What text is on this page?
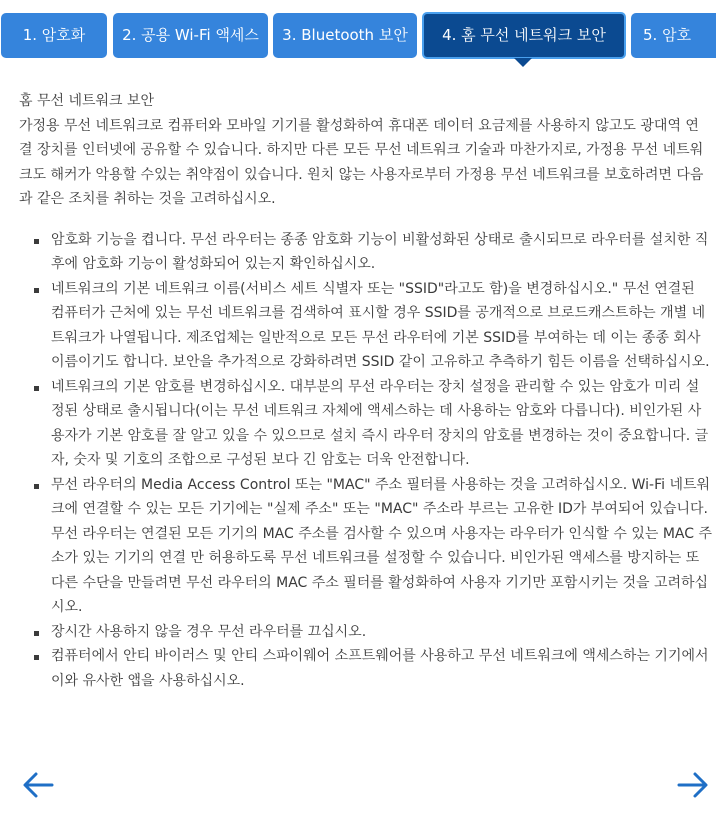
1. 암호화	2. 공용 Wi-Fi 액세스	4. 홈 무선 네트워크 보안
3. Bluetooth 보안	5. 암호

홈 무선 네트워크 보안

가정용 무선 네트워크로 컴퓨터와 모바일 기기를 활성화하여 휴대폰 데이터 요금제를 사용하지 않고도 광대역 연결 장치를 인터넷에 공유할 수 있습니다. 하지만 다른 모든 무선 네트워크 기술과 마찬가지로, 가정용 무선 네트워크도 해커가 악용할 수있는 취약점이 있습니다. 원치 않는 사용자로부터 가정용 무선 네트워크를 보호하려면 다음과 같은 조치를 취하는 것을 고려하십시오.

암호화 기능을 켭니다. 무선 라우터는 종종 암호화 기능이 비활성화된 상태로 출시되므로 라우터를 설치한 직후에 암호화 기능이 활성화되어 있는지 확인하십시오.
네트워크의 기본 네트워크 이름(서비스 세트 식별자 또는 "SSID"라고도 함)을 변경하십시오." 무선 연결된 컴퓨터가 근처에 있는 무선 네트워크를 검색하여 표시할 경우 SSID를 공개적으로 브로드캐스트하는 개별 네트워크가 나열됩니다. 제조업체는 일반적으로 모든 무선 라우터에 기본 SSID를 부여하는 데 이는 종종 회사 이름이기도 합니다. 보안을 추가적으로 강화하려면 SSID 같이 고유하고 추측하기 힘든 이름을 선택하십시오.
네트워크의 기본 암호를 변경하십시오. 대부분의 무선 라우터는 장치 설정을 관리할 수 있는 암호가 미리 설정된 상태로 출시됩니다(이는 무선 네트워크 자체에 액세스하는 데 사용하는 암호와 다릅니다). 비인가된 사용자가 기본 암호를 잘 알고 있을 수 있으므로 설치 즉시 라우터 장치의 암호를 변경하는 것이 중요합니다. 글자, 숫자 및 기호의 조합으로 구성된 보다 긴 암호는 더욱 안전합니다.
무선 라우터의 Media Access Control 또는 "MAC" 주소 필터를 사용하는 것을 고려하십시오. Wi-Fi 네트워크에 연결할 수 있는 모든 기기에는 "실제 주소" 또는 "MAC" 주소라 부르는 고유한 ID가 부여되어 있습니다. 무선 라우터는 연결된 모든 기기의 MAC 주소를 검사할 수 있으며 사용자는 라우터가 인식할 수 있는 MAC 주소가 있는 기기의 연결 만 허용하도록 무선 네트워크를 설정할 수 있습니다. 비인가된 액세스를 방지하는 또다른 수단을 만들려면 무선 라우터의 MAC 주소 필터를 활성화하여 사용자 기기만 포함시키는 것을 고려하십시오.
장시간 사용하지 않을 경우 무선 라우터를 끄십시오.
컴퓨터에서 안티 바이러스 및 안티 스파이웨어 소프트웨어를 사용하고 무선 네트워크에 액세스하는 기기에서 이와 유사한 앱을 사용하십시오.
